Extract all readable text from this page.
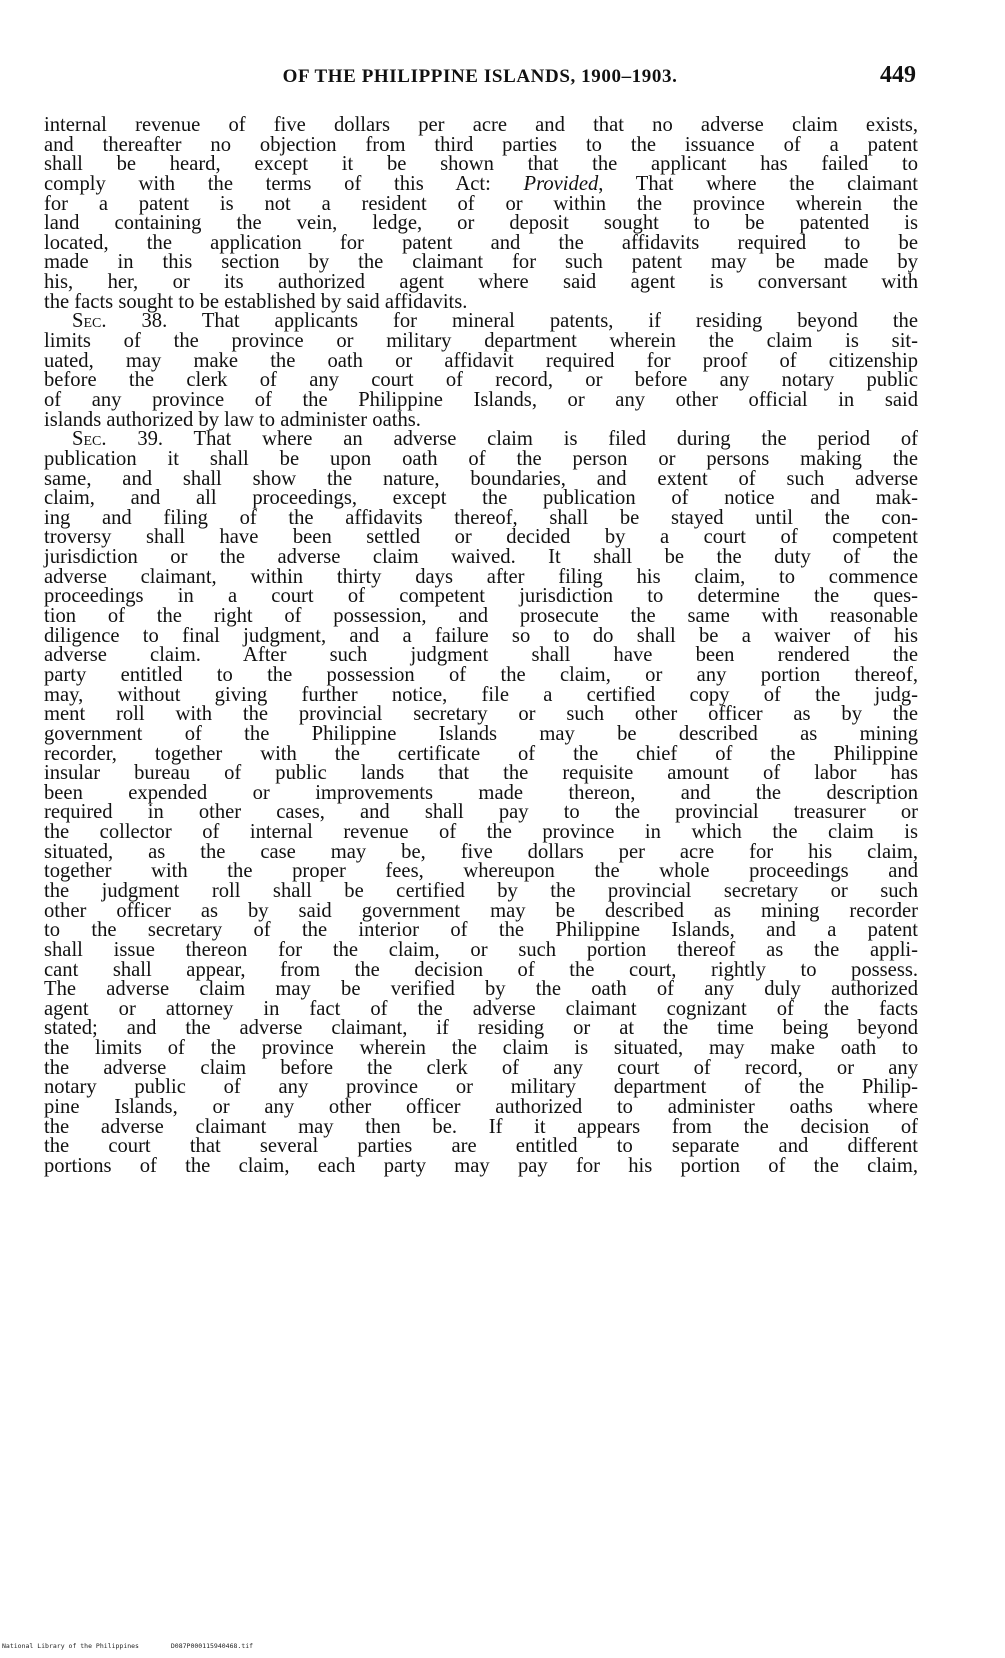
OF THE PHILIPPINE ISLANDS, 1900–1903.	449
internal revenue of five dollars per acre and that no adverse claim exists,
and thereafter no objection from third parties to the issuance of a patent
shall be heard, except it be shown that the applicant has failed to
comply with the terms of this Act: Provided, That where the claimant
for a patent is not a resident of or within the province wherein the
land containing the vein, ledge, or deposit sought to be patented is
located, the application for patent and the affidavits required to be
made in this section by the claimant for such patent may be made by
his, her, or its authorized agent where said agent is conversant with
the facts sought to be established by said affidavits.
Sec. 38. That applicants for mineral patents, if residing beyond the
limits of the province or military department wherein the claim is sit-
uated, may make the oath or affidavit required for proof of citizenship
before the clerk of any court of record, or before any notary public
of any province of the Philippine Islands, or any other official in said
islands authorized by law to administer oaths.
Sec. 39. That where an adverse claim is filed during the period of
publication it shall be upon oath of the person or persons making the
same, and shall show the nature, boundaries, and extent of such adverse
claim, and all proceedings, except the publication of notice and mak-
ing and filing of the affidavits thereof, shall be stayed until the con-
troversy shall have been settled or decided by a court of competent
jurisdiction or the adverse claim waived. It shall be the duty of the
adverse claimant, within thirty days after filing his claim, to commence
proceedings in a court of competent jurisdiction to determine the ques-
tion of the right of possession, and prosecute the same with reasonable
diligence to final judgment, and a failure so to do shall be a waiver of his
adverse claim. After such judgment shall have been rendered the
party entitled to the possession of the claim, or any portion thereof,
may, without giving further notice, file a certified copy of the judg-
ment roll with the provincial secretary or such other officer as by the
government of the Philippine Islands may be described as mining
recorder, together with the certificate of the chief of the Philippine
insular bureau of public lands that the requisite amount of labor has
been expended or improvements made thereon, and the description
required in other cases, and shall pay to the provincial treasurer or
the collector of internal revenue of the province in which the claim is
situated, as the case may be, five dollars per acre for his claim,
together with the proper fees, whereupon the whole proceedings and
the judgment roll shall be certified by the provincial secretary or such
other officer as by said government may be described as mining recorder
to the secretary of the interior of the Philippine Islands, and a patent
shall issue thereon for the claim, or such portion thereof as the appli-
cant shall appear, from the decision of the court, rightly to possess.
The adverse claim may be verified by the oath of any duly authorized
agent or attorney in fact of the adverse claimant cognizant of the facts
stated; and the adverse claimant, if residing or at the time being beyond
the limits of the province wherein the claim is situated, may make oath to
the adverse claim before the clerk of any court of record, or any
notary public of any province or military department of the Philip-
pine Islands, or any other officer authorized to administer oaths where
the adverse claimant may then be. If it appears from the decision of
the court that several parties are entitled to separate and different
portions of the claim, each party may pay for his portion of the claim,
National Library of the Philippines	D087P000115940468.tif
